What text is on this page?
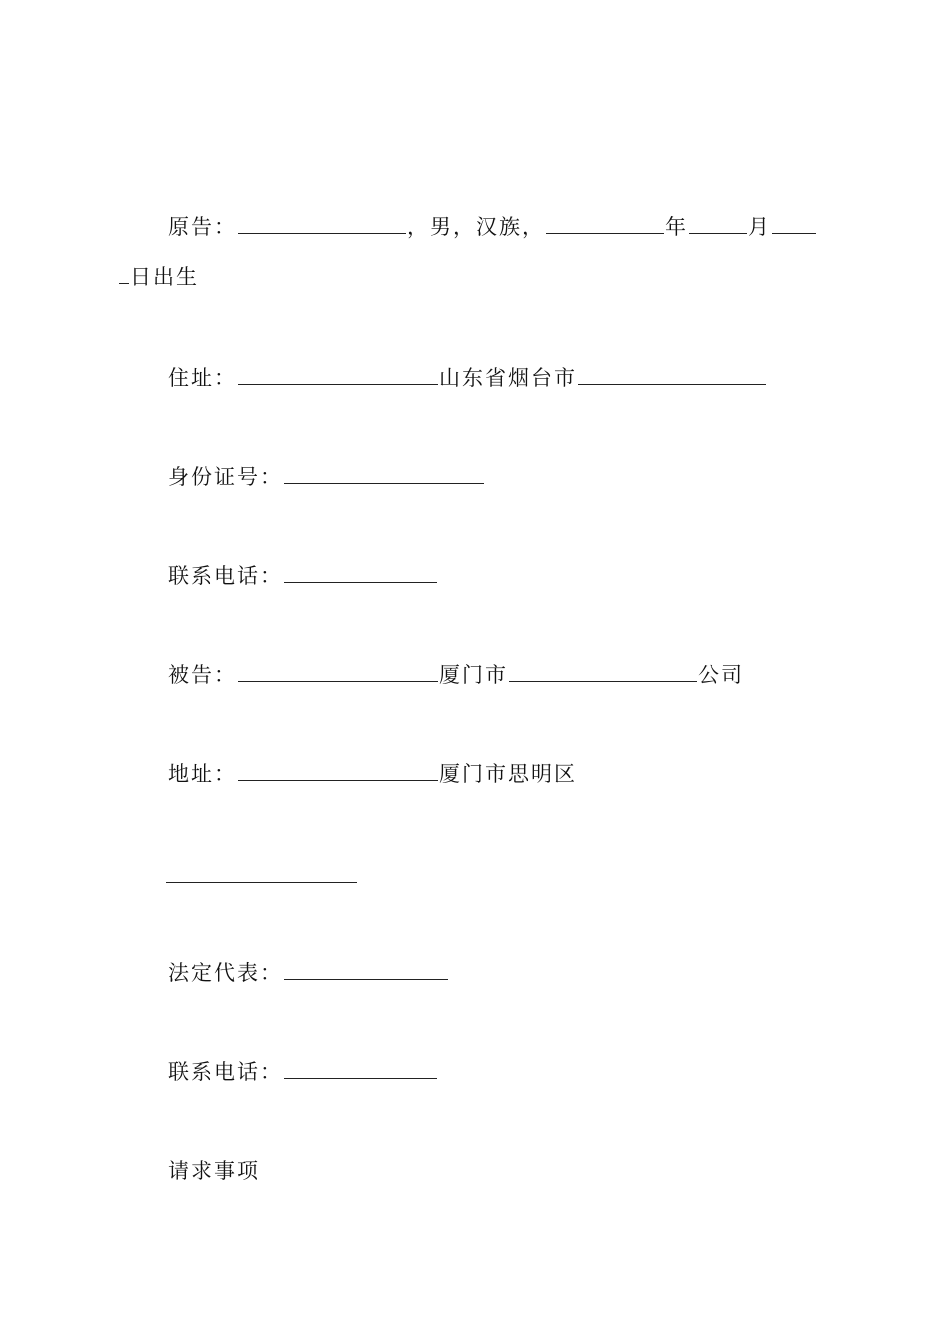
原告：	，男，汉族，	年	月
日出生
住址：	山东省烟台市
身份证号：
联系电话：
被告：	厦门市	公司
地址：	厦门市思明区
法定代表：
联系电话：
请求事项
